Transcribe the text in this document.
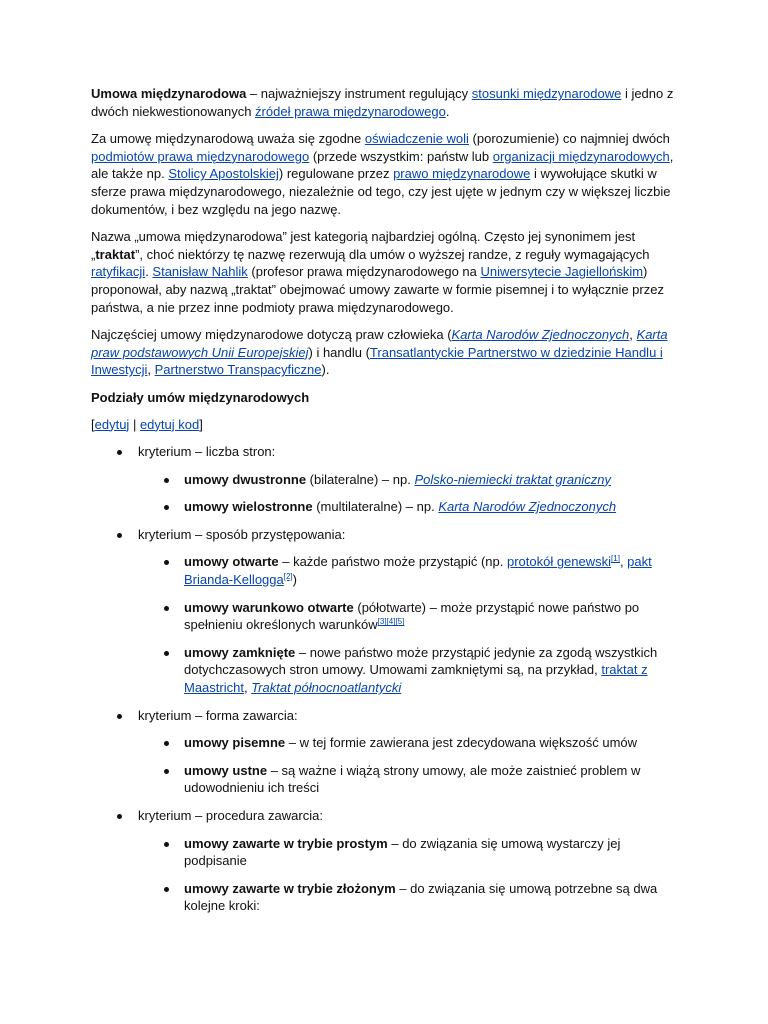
Umowa międzynarodowa – najważniejszy instrument regulujący stosunki międzynarodowe i jedno z dwóch niekwestionowanych źródeł prawa międzynarodowego.

Za umowę międzynarodową uważa się zgodne oświadczenie woli (porozumienie) co najmniej dwóch podmiotów prawa międzynarodowego (przede wszystkim: państw lub organizacji międzynarodowych, ale także np. Stolicy Apostolskiej) regulowane przez prawo międzynarodowe i wywołujące skutki w sferze prawa międzynarodowego, niezależnie od tego, czy jest ujęte w jednym czy w większej liczbie dokumentów, i bez względu na jego nazwę.

Nazwa „umowa międzynarodowa” jest kategorią najbardziej ogólną. Często jej synonimem jest „traktat”, choć niektórzy tę nazwę rezerwują dla umów o wyższej randze, z reguły wymagających ratyfikacji. Stanisław Nahlik (profesor prawa międzynarodowego na Uniwersytecie Jagiellońskim) proponował, aby nazwą „traktat” obejmować umowy zawarte w formie pisemnej i to wyłącznie przez państwa, a nie przez inne podmioty prawa międzynarodowego.

Najczęściej umowy międzynarodowe dotyczą praw człowieka (Karta Narodów Zjednoczonych, Karta praw podstawowych Unii Europejskiej) i handlu (Transatlantyckie Partnerstwo w dziedzinie Handlu i Inwestycji, Partnerstwo Transpacyficzne).

Podziały umów międzynarodowych
[edytuj | edytuj kod]
kryterium – liczba stron:
umowy dwustronne (bilateralne) – np. Polsko-niemiecki traktat graniczny
umowy wielostronne (multilateralne) – np. Karta Narodów Zjednoczonych
kryterium – sposób przystępowania:
umowy otwarte – każde państwo może przystąpić (np. protokół genewski[1], pakt Brianda-Kellogga[2])
umowy warunkowo otwarte (półotwarte) – może przystąpić nowe państwo po spełnieniu określonych warunków[3][4][5]
umowy zamknięte – nowe państwo może przystąpić jedynie za zgodą wszystkich dotychczasowych stron umowy. Umowami zamkniętymi są, na przykład, traktat z Maastricht, Traktat północnoatlantycki
kryterium – forma zawarcia:
umowy pisemne – w tej formie zawierana jest zdecydowana większość umów
umowy ustne – są ważne i wiążą strony umowy, ale może zaistnieć problem w udowodnieniu ich treści
kryterium – procedura zawarcia:
umowy zawarte w trybie prostym – do związania się umową wystarczy jej podpisanie
umowy zawarte w trybie złożonym – do związania się umową potrzebne są dwa kolejne kroki:
